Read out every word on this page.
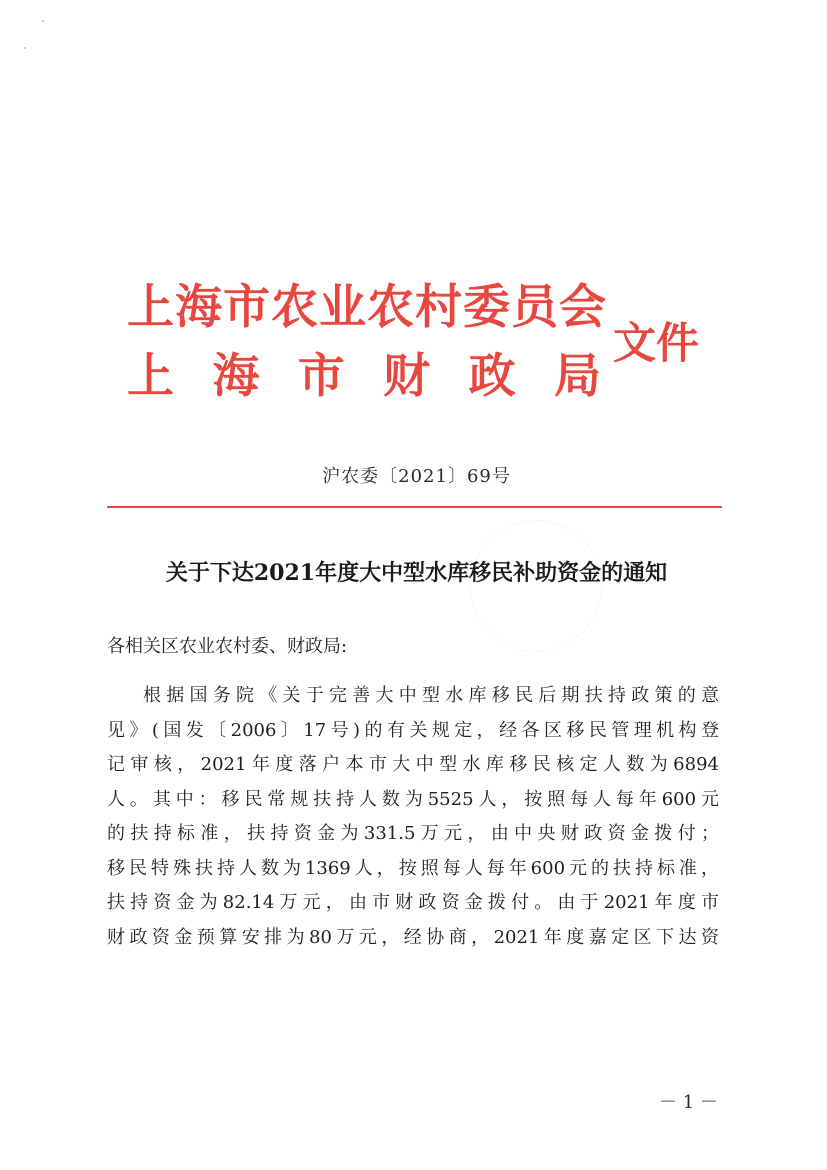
上海市农业农村委员会
上 海 市 财 政 局
文件
沪农委〔2021〕69号
关于下达2021年度大中型水库移民补助资金的通知
各相关区农业农村委、财政局:
根据国务院《关于完善大中型水库移民后期扶持政策的意
见》(国发〔2006〕17号)的有关规定，经各区移民管理机构登
记审核，2021年度落户本市大中型水库移民核定人数为6894
人。其中：移民常规扶持人数为5525人，按照每人每年600元
的扶持标准，扶持资金为331.5万元，由中央财政资金拨付；
移民特殊扶持人数为1369人，按照每人每年600元的扶持标准，
扶持资金为82.14万元，由市财政资金拨付。由于2021年度市
财政资金预算安排为80万元，经协商，2021年度嘉定区下达资
－ 1 －
